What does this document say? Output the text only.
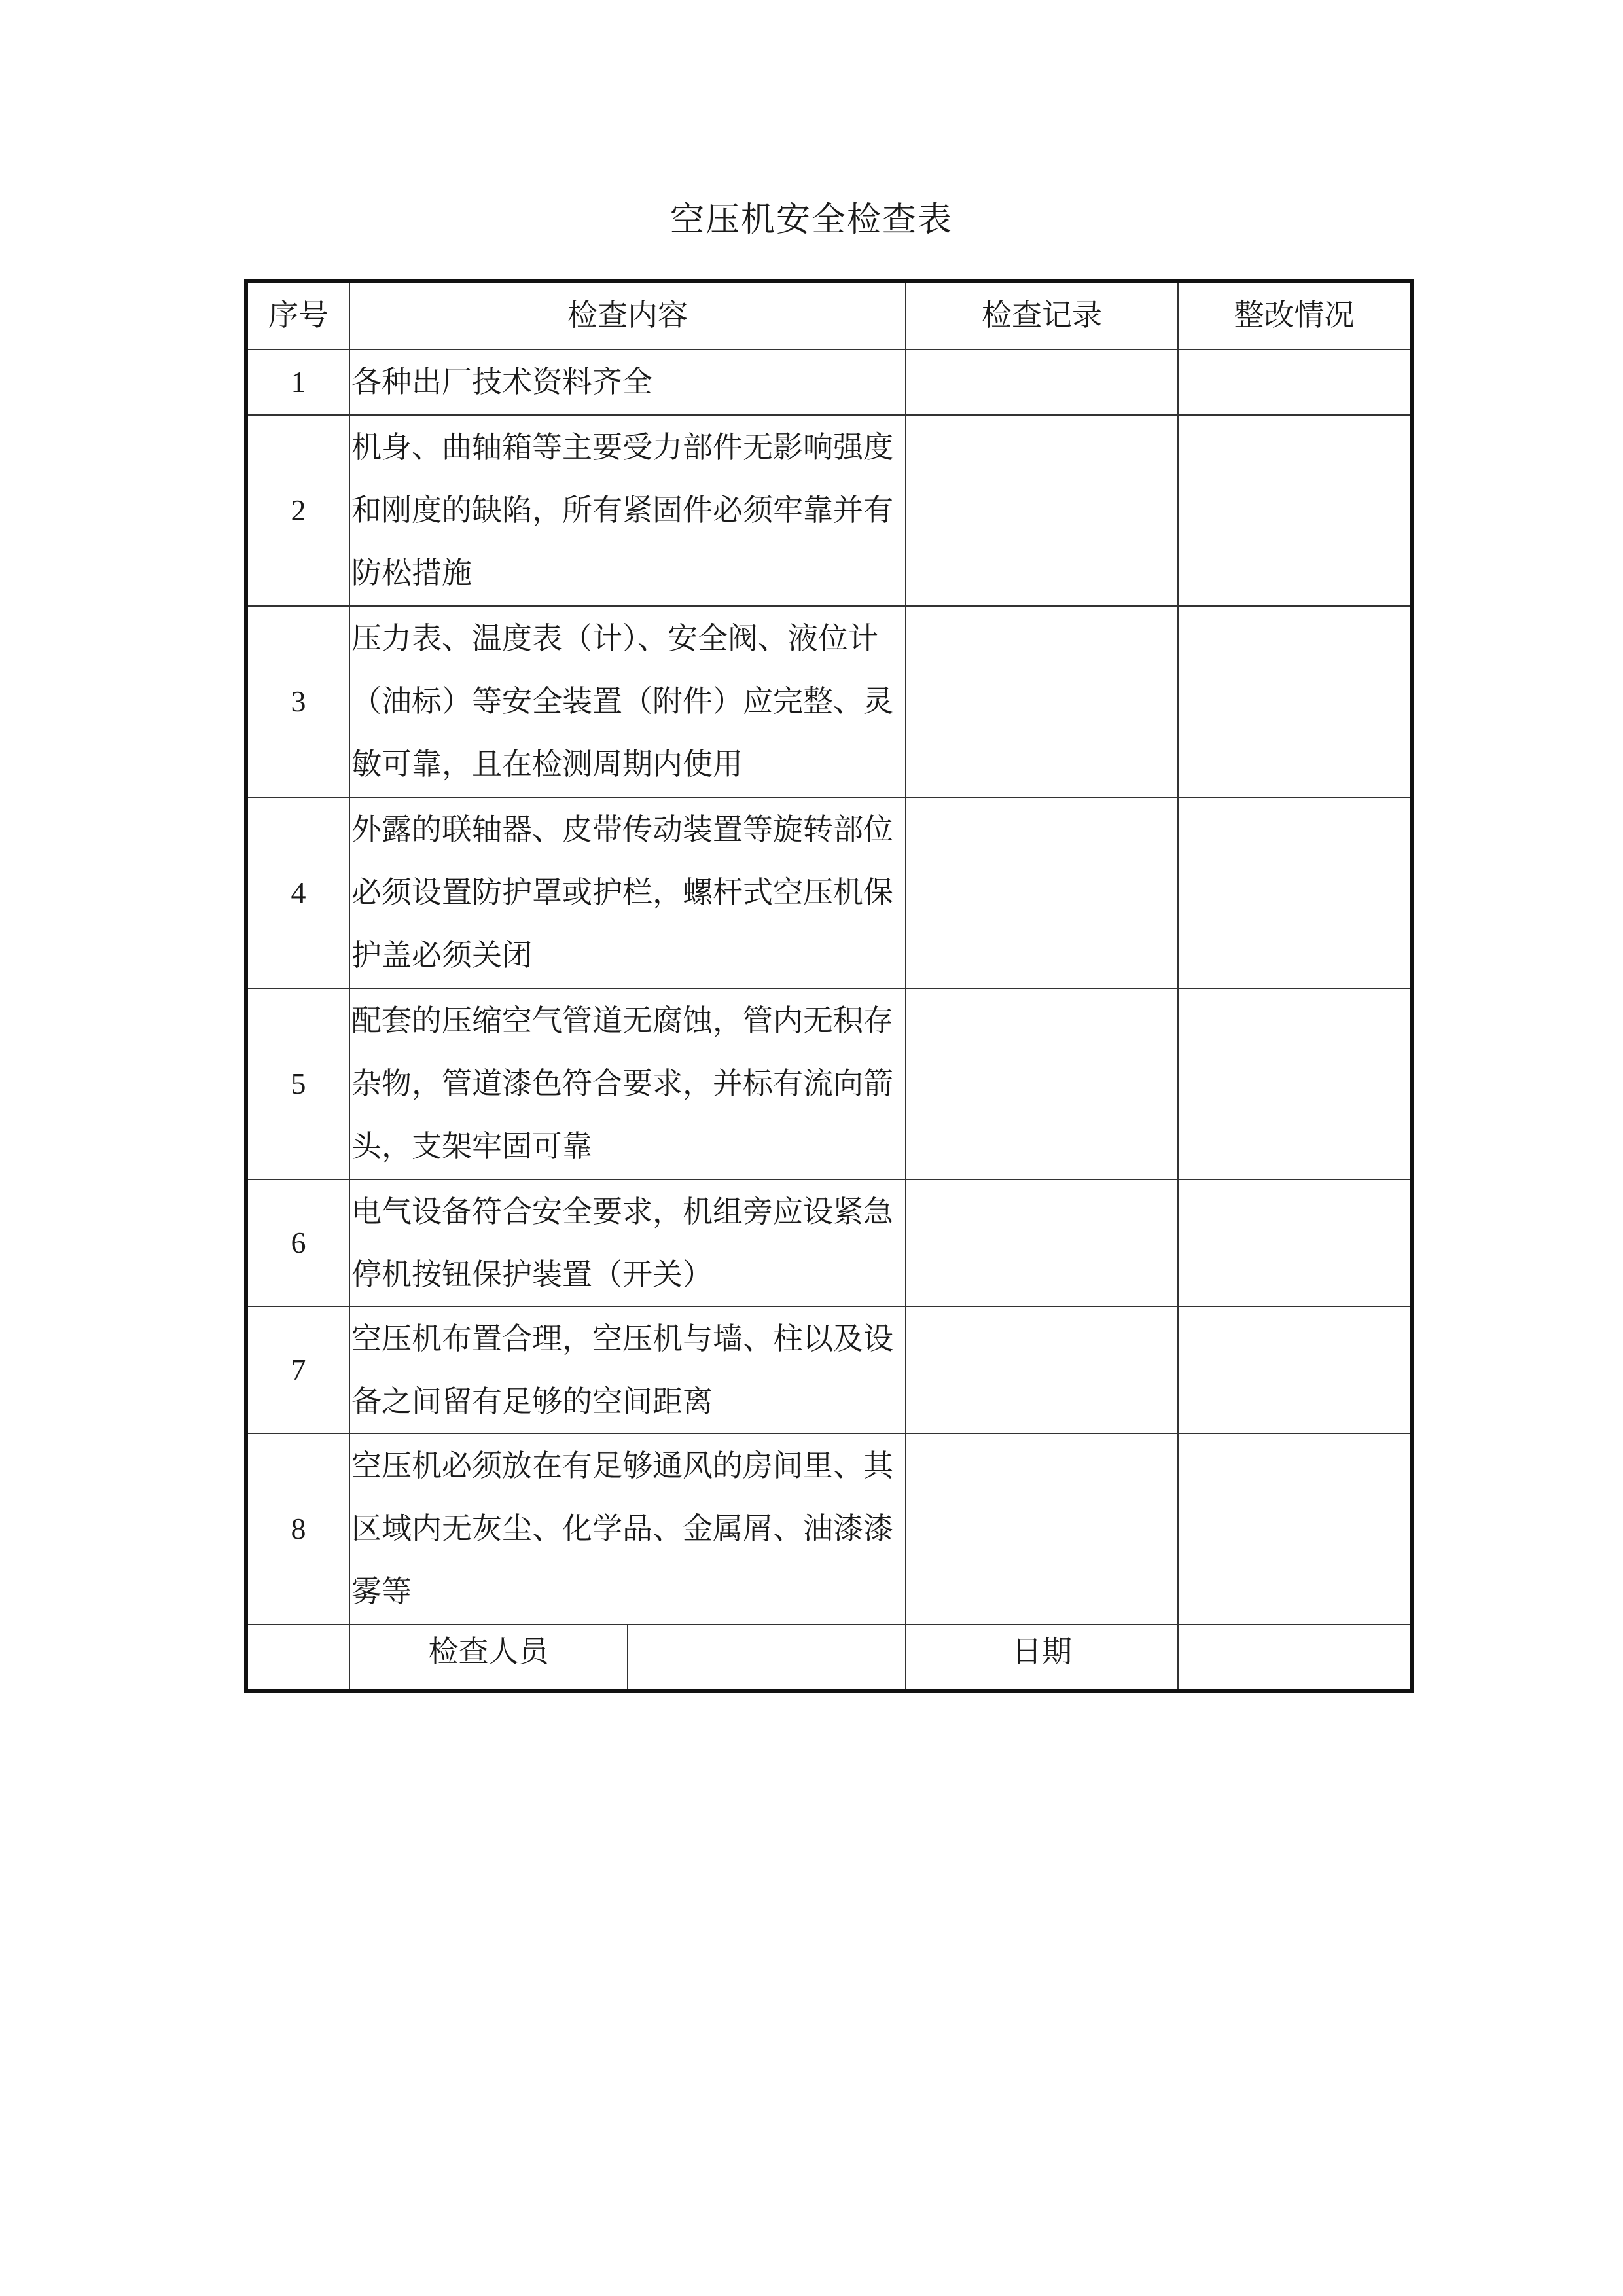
空压机安全检查表
序号	检查内容		检查记录	整改情况

1	各种出厂技术资料齐全			
2	机身、曲轴箱等主要受力部件无影响强度和刚度的缺陷，所有紧固件必须牢靠并有防松措施			
3	压力表、温度表（计）、安全阀、液位计（油标）等安全装置（附件）应完整、灵敏可靠，且在检测周期内使用			
4	外露的联轴器、皮带传动装置等旋转部位必须设置防护罩或护栏，螺杆式空压机保护盖必须关闭			
5	配套的压缩空气管道无腐蚀，管内无积存杂物，管道漆色符合要求，并标有流向箭头，支架牢固可靠			
6	电气设备符合安全要求，机组旁应设紧急停机按钮保护装置（开关）			
7	空压机布置合理，空压机与墙、柱以及设备之间留有足够的空间距离			
8	空压机必须放在有足够通风的房间里、其区域内无灰尘、化学品、金属屑、油漆漆雾等			

	检查人员		日期	
